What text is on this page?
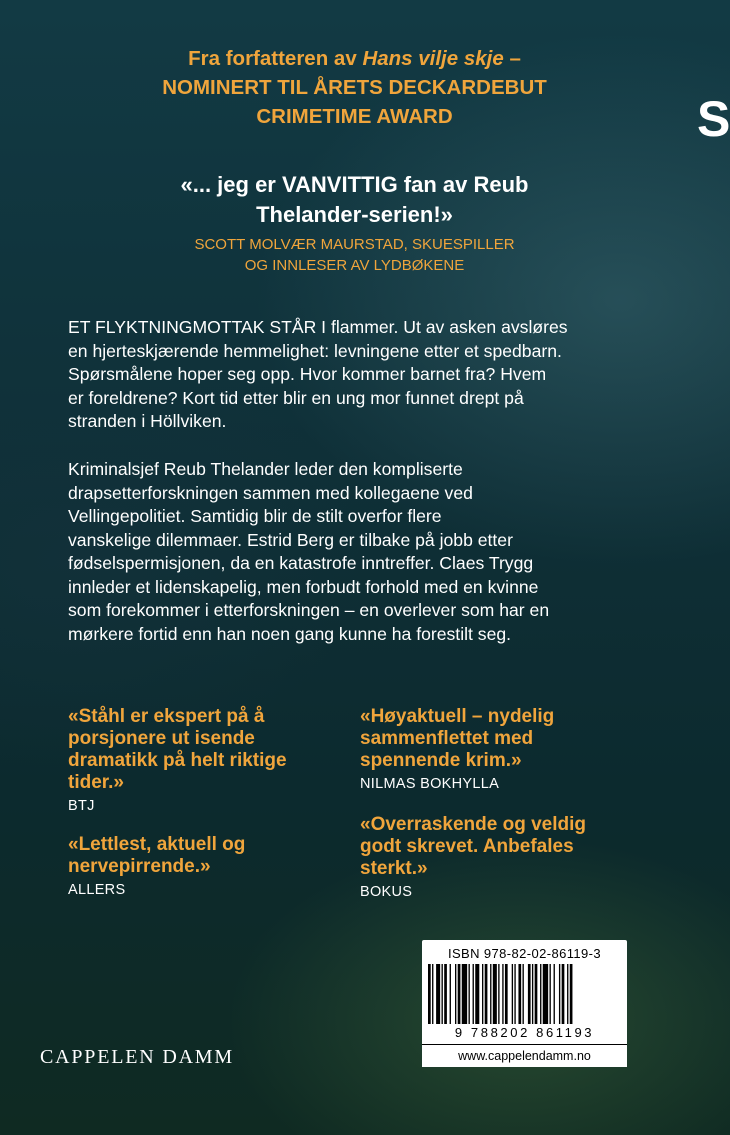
Fra forfatteren av Hans vilje skje –
NOMINERT TIL ÅRETS DECKARDEBUT
CRIMETIME AWARD	S
«... jeg er VANVITTIG fan av Reub
Thelander-serien!»
SCOTT MOLVÆR MAURSTAD, SKUESPILLER
OG INNLESER AV LYDBØKENE
ET FLYKTNINGMOTTAK STÅR I flammer. Ut av asken avsløres
en hjerteskjærende hemmelighet: levningene etter et spedbarn.
Spørsmålene hoper seg opp. Hvor kommer barnet fra? Hvem
er foreldrene? Kort tid etter blir en ung mor funnet drept på
stranden i Höllviken.
Kriminalsjef Reub Thelander leder den kompliserte
drapsetterforskningen sammen med kollegaene ved
Vellingepolitiet. Samtidig blir de stilt overfor flere
vanskelige dilemmaer. Estrid Berg er tilbake på jobb etter
fødselspermisjonen, da en katastrofe inntreffer. Claes Trygg
innleder et lidenskapelig, men forbudt forhold med en kvinne
som forekommer i etterforskningen – en overlever som har en
mørkere fortid enn han noen gang kunne ha forestilt seg.
«Ståhl er ekspert på å
porsjonere ut isende
dramatikk på helt riktige
tider.»
BTJ
«Lettlest, aktuell og
nervepirrende.»
ALLERS
«Høyaktuell – nydelig
sammenflettet med
spennende krim.»
NILMAS BOKHYLLA
«Overraskende og veldig
godt skrevet. Anbefales
sterkt.»
BOKUS
CAPPELEN DAMM
ISBN 978-82-02-86119-3
9 788202 861193
www.cappelendamm.no
